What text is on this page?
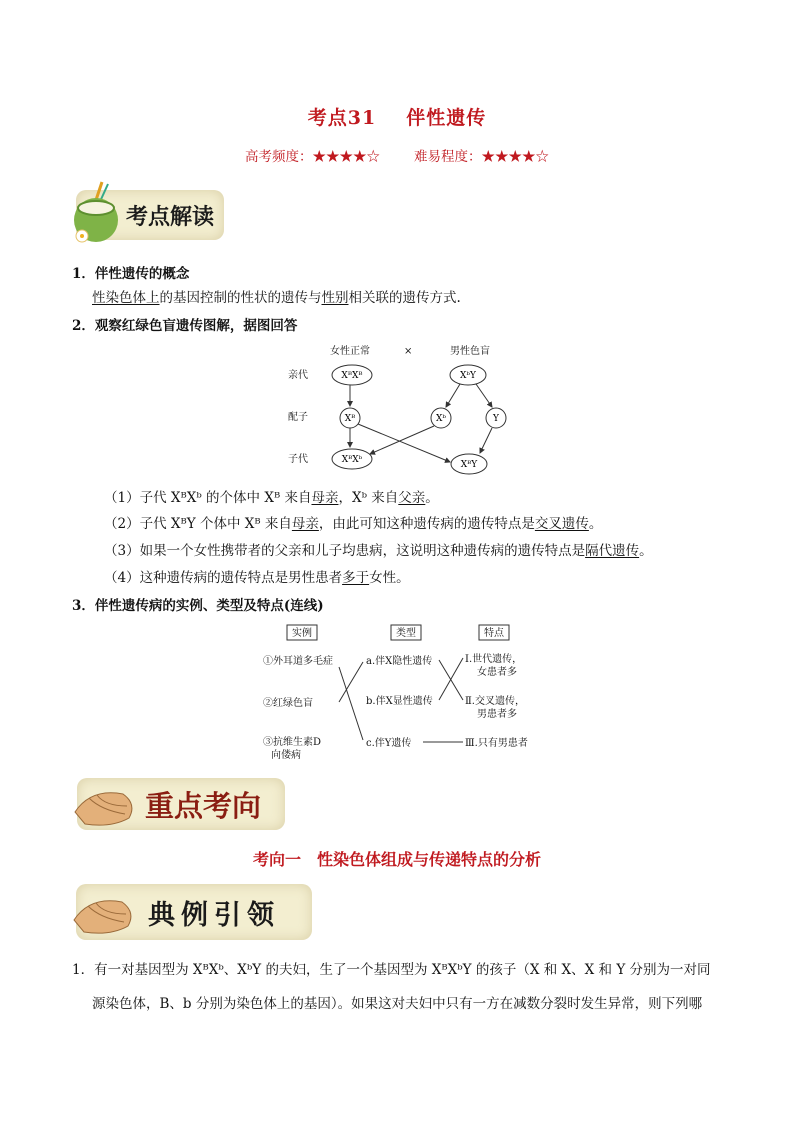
考点31 伴性遗传
高考频度：★★★★☆	难易程度：★★★★☆
考点解读
1．伴性遗传的概念
性染色体上的基因控制的性状的遗传与性别相关联的遗传方式.
2．观察红绿色盲遗传图解，据图回答
女性正常	×	男性色盲
亲代
配子
子代
XᴮXᴮ	XᵇY
Xᴮ	Xᵇ	Y
XᴮXᵇ	XᴮY
（1）子代 XᴮXᵇ 的个体中 Xᴮ 来自母亲，Xᵇ 来自父亲。
（2）子代 XᴮY 个体中 Xᴮ 来自母亲，由此可知这种遗传病的遗传特点是交叉遗传。
（3）如果一个女性携带者的父亲和儿子均患病，这说明这种遗传病的遗传特点是隔代遗传。
（4）这种遗传病的遗传特点是男性患者多于女性。
3．伴性遗传病的实例、类型及特点(连线)
实例	类型	特点
①外耳道多毛症
②红绿色盲
③抗维生素D
向偻病
a.伴X隐性遗传
b.伴X显性遗传
c.伴Y遗传
Ⅰ.世代遗传，
女患者多
Ⅱ.交叉遗传，
男患者多
Ⅲ.只有男患者
重点考向
考向一　性染色体组成与传递特点的分析
典例引领
1．有一对基因型为 XᴮXᵇ、XᵇY 的夫妇，生了一个基因型为 XᴮXᵇY 的孩子（X 和 X、X 和 Y 分别为一对同
源染色体，B、b 分别为染色体上的基因）。如果这对夫妇中只有一方在减数分裂时发生异常，则下列哪
